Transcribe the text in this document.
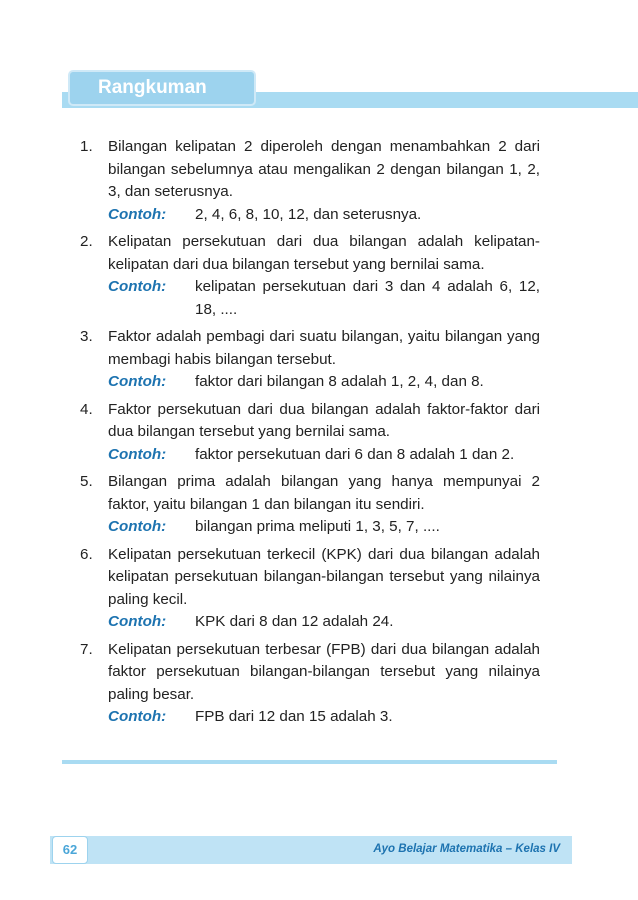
Rangkuman
1.	Bilangan kelipatan 2 diperoleh dengan menambahkan 2 dari bilangan sebelumnya atau mengalikan 2 dengan bilangan 1, 2, 3, dan seterusnya.
Contoh:	2, 4, 6, 8, 10, 12, dan seterusnya.
2.	Kelipatan persekutuan dari dua bilangan adalah kelipatan-kelipatan dari dua bilangan tersebut yang bernilai sama.
Contoh:	kelipatan persekutuan dari 3 dan 4 adalah 6, 12, 18, ....
3.	Faktor adalah pembagi dari suatu bilangan, yaitu bilangan yang membagi habis bilangan tersebut.
Contoh:	faktor dari bilangan 8 adalah 1, 2, 4, dan 8.
4.	Faktor persekutuan dari dua bilangan adalah faktor-faktor dari dua bilangan tersebut yang bernilai sama.
Contoh:	faktor persekutuan dari 6 dan 8 adalah 1 dan 2.
5.	Bilangan prima adalah bilangan yang hanya mempunyai 2 faktor, yaitu bilangan 1 dan bilangan itu sendiri.
Contoh:	bilangan prima meliputi 1, 3, 5, 7, ....
6.	Kelipatan persekutuan terkecil (KPK) dari dua bilangan adalah kelipatan persekutuan bilangan-bilangan tersebut yang nilainya paling kecil.
Contoh:	KPK dari 8 dan 12 adalah 24.
7.	Kelipatan persekutuan terbesar (FPB) dari dua bilangan adalah faktor persekutuan bilangan-bilangan tersebut yang nilainya paling besar.
Contoh:	FPB dari 12 dan 15 adalah 3.
62	Ayo Belajar Matematika – Kelas IV
